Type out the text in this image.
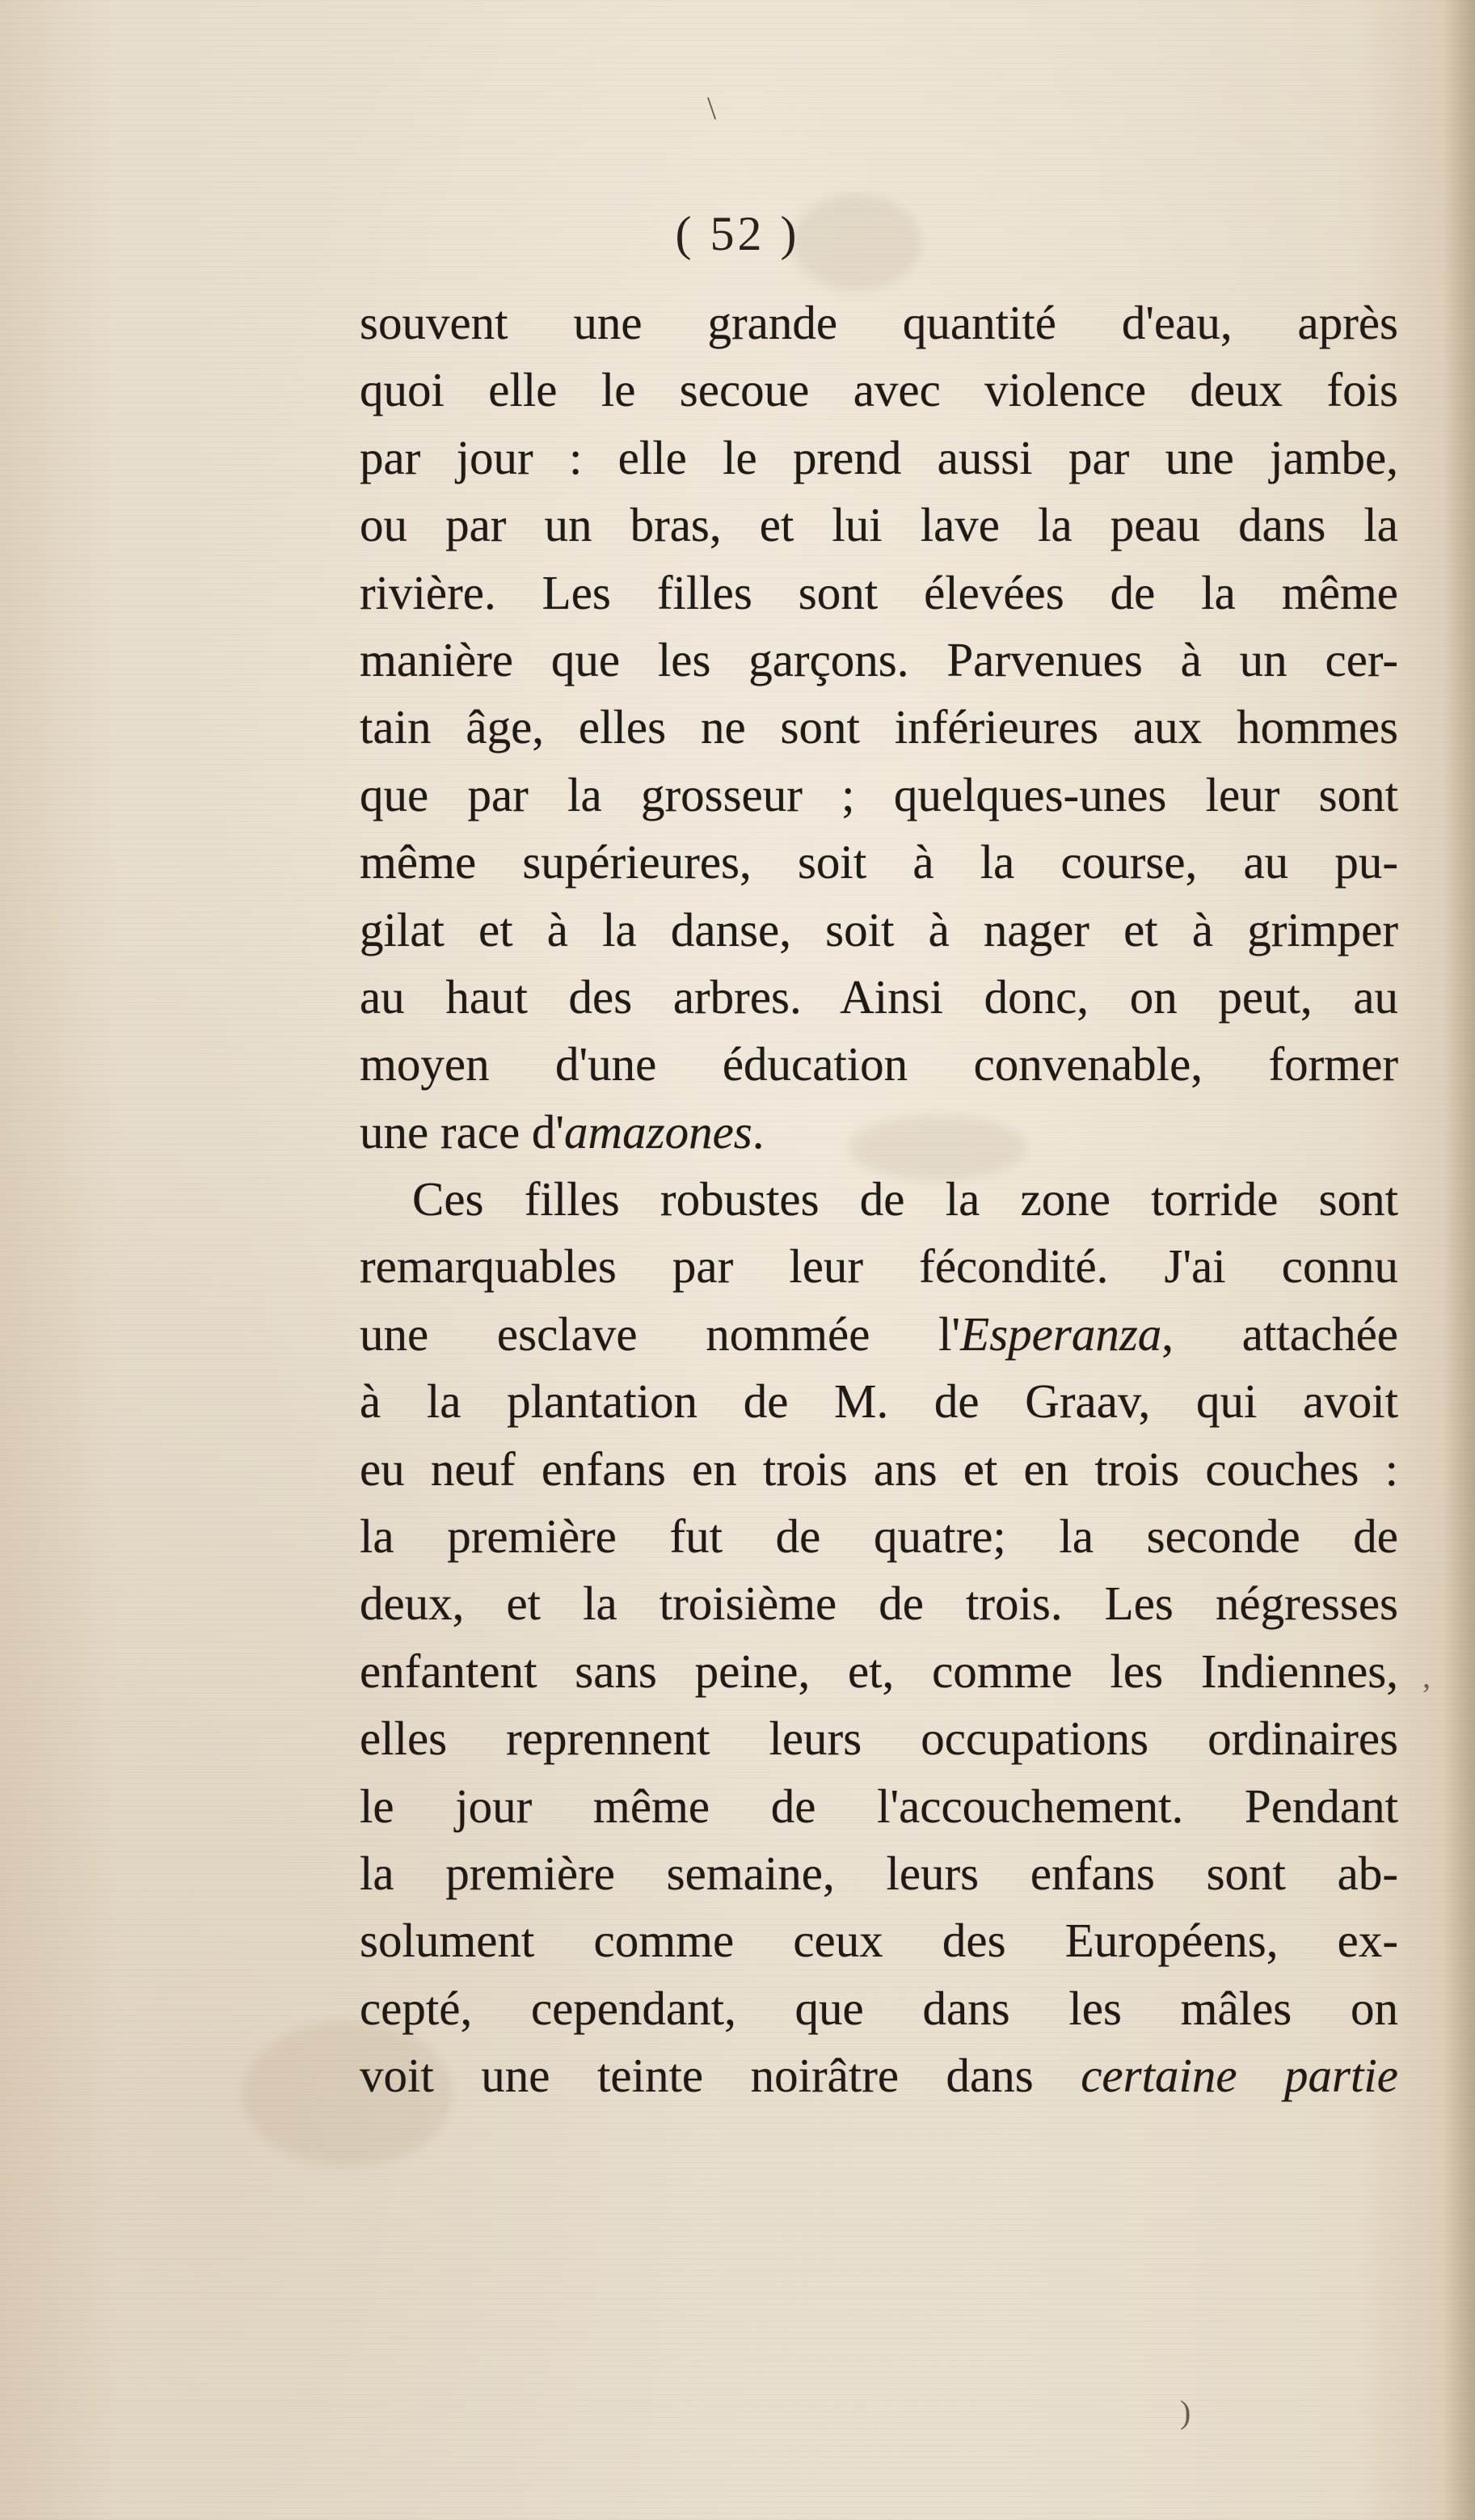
\
,
)
( 52 )
souvent une grande quantité d'eau, après
quoi elle le secoue avec violence deux fois
par jour : elle le prend aussi par une jambe,
ou par un bras, et lui lave la peau dans la
rivière. Les filles sont élevées de la même
manière que les garçons. Parvenues à un cer-
tain âge, elles ne sont inférieures aux hommes
que par la grosseur ; quelques-unes leur sont
même supérieures, soit à la course, au pu-
gilat et à la danse, soit à nager et à grimper
au haut des arbres. Ainsi donc, on peut, au
moyen d'une éducation convenable, former
une race d'amazones.
Ces filles robustes de la zone torride sont
remarquables par leur fécondité. J'ai connu
une esclave nommée l'Esperanza, attachée
à la plantation de M. de Graav, qui avoit
eu neuf enfans en trois ans et en trois couches :
la première fut de quatre; la seconde de
deux, et la troisième de trois. Les négresses
enfantent sans peine, et, comme les Indiennes,
elles reprennent leurs occupations ordinaires
le jour même de l'accouchement. Pendant
la première semaine, leurs enfans sont ab-
solument comme ceux des Européens, ex-
cepté, cependant, que dans les mâles on
voit une teinte noirâtre dans certaine partie
